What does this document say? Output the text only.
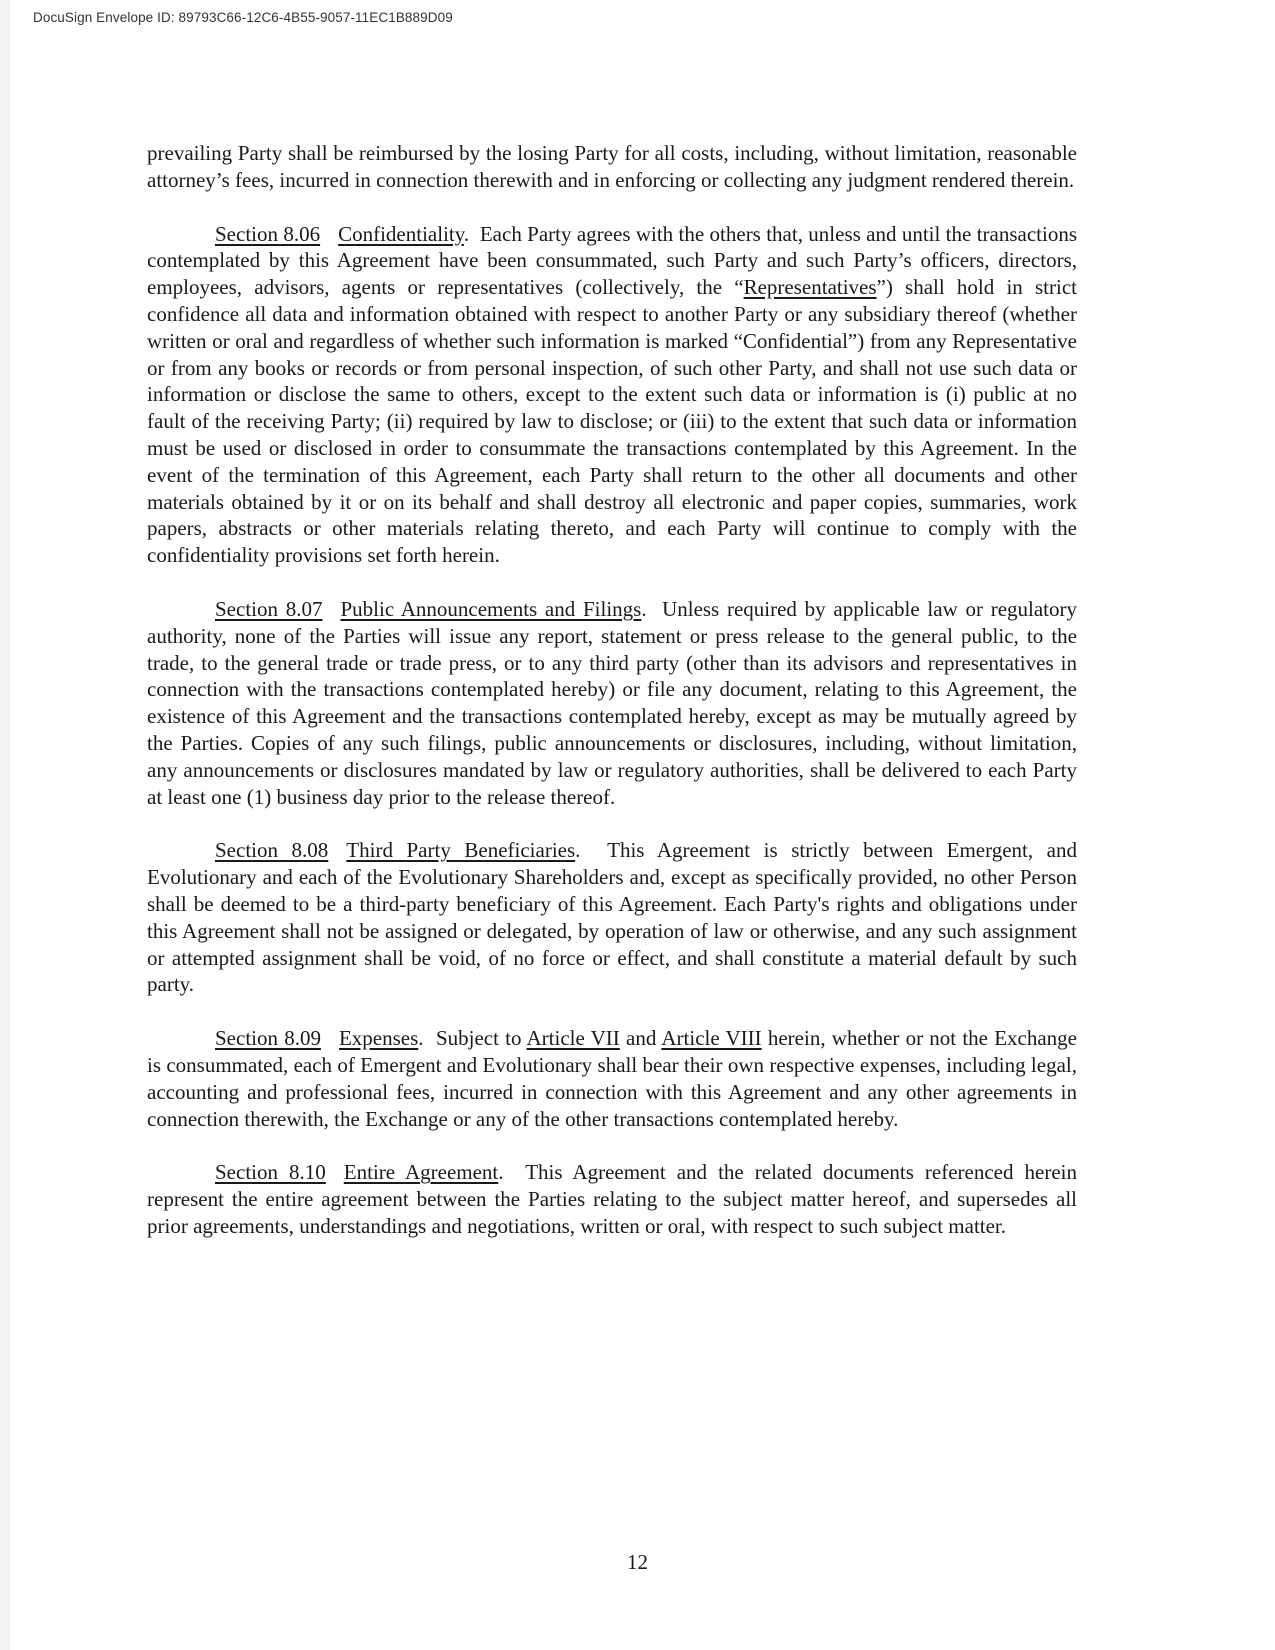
DocuSign Envelope ID: 89793C66-12C6-4B55-9057-11EC1B889D09

prevailing Party shall be reimbursed by the losing Party for all costs, including, without limitation, reasonable attorney’s fees, incurred in connection therewith and in enforcing or collecting any judgment rendered therein.

Section 8.06 Confidentiality.  Each Party agrees with the others that, unless and until the transactions contemplated by this Agreement have been consummated, such Party and such Party’s officers, directors, employees, advisors, agents or representatives (collectively, the “Representatives”) shall hold in strict confidence all data and information obtained with respect to another Party or any subsidiary thereof (whether written or oral and regardless of whether such information is marked “Confidential”) from any Representative or from any books or records or from personal inspection, of such other Party, and shall not use such data or information or disclose the same to others, except to the extent such data or information is (i) public at no fault of the receiving Party; (ii) required by law to disclose; or (iii) to the extent that such data or information must be used or disclosed in order to consummate the transactions contemplated by this Agreement. In the event of the termination of this Agreement, each Party shall return to the other all documents and other materials obtained by it or on its behalf and shall destroy all electronic and paper copies, summaries, work papers, abstracts or other materials relating thereto, and each Party will continue to comply with the confidentiality provisions set forth herein.

Section 8.07 Public Announcements and Filings.  Unless required by applicable law or regulatory authority, none of the Parties will issue any report, statement or press release to the general public, to the trade, to the general trade or trade press, or to any third party (other than its advisors and representatives in connection with the transactions contemplated hereby) or file any document, relating to this Agreement, the existence of this Agreement and the transactions contemplated hereby, except as may be mutually agreed by the Parties. Copies of any such filings, public announcements or disclosures, including, without limitation, any announcements or disclosures mandated by law or regulatory authorities, shall be delivered to each Party at least one (1) business day prior to the release thereof.

Section 8.08 Third Party Beneficiaries.  This Agreement is strictly between Emergent, and Evolutionary and each of the Evolutionary Shareholders and, except as specifically provided, no other Person shall be deemed to be a third-party beneficiary of this Agreement. Each Party's rights and obligations under this Agreement shall not be assigned or delegated, by operation of law or otherwise, and any such assignment or attempted assignment shall be void, of no force or effect, and shall constitute a material default by such party.

Section 8.09 Expenses.  Subject to Article VII and Article VIII herein, whether or not the Exchange is consummated, each of Emergent and Evolutionary shall bear their own respective expenses, including legal, accounting and professional fees, incurred in connection with this Agreement and any other agreements in connection therewith, the Exchange or any of the other transactions contemplated hereby.

Section 8.10 Entire Agreement.  This Agreement and the related documents referenced herein represent the entire agreement between the Parties relating to the subject matter hereof, and supersedes all prior agreements, understandings and negotiations, written or oral, with respect to such subject matter.

12
